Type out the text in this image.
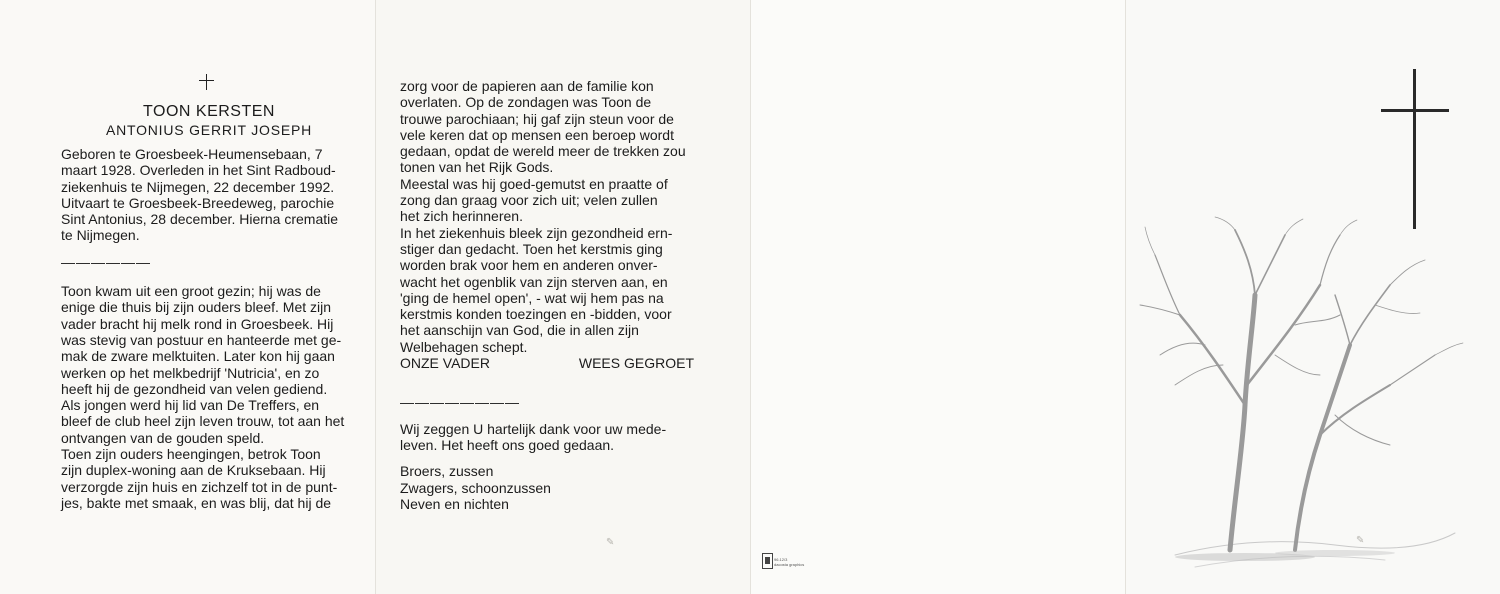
TOON KERSTEN
ANTONIUS GERRIT JOSEPH

Geboren te Groesbeek-Heumensebaan, 7

maart 1928. Overleden in het Sint Radboud-

ziekenhuis te Nijmegen, 22 december 1992.

Uitvaart te Groesbeek-Breedeweg, parochie

Sint Antonius, 28 december. Hierna crematie

te Nijmegen.

——————

Toon kwam uit een groot gezin; hij was de

enige die thuis bij zijn ouders bleef. Met zijn

vader bracht hij melk rond in Groesbeek. Hij

was stevig van postuur en hanteerde met ge-

mak de zware melktuiten. Later kon hij gaan

werken op het melkbedrijf 'Nutricia', en zo

heeft hij de gezondheid van velen gediend.

Als jongen werd hij lid van De Treffers, en

bleef de club heel zijn leven trouw, tot aan het

ontvangen van de gouden speld.

Toen zijn ouders heengingen, betrok Toon

zijn duplex-woning aan de Kruksebaan. Hij

verzorgde zijn huis en zichzelf tot in de punt-

jes, bakte met smaak, en was blij, dat hij de

zorg voor de papieren aan de familie kon

overlaten. Op de zondagen was Toon de

trouwe parochiaan; hij gaf zijn steun voor de

vele keren dat op mensen een beroep wordt

gedaan, opdat de wereld meer de trekken zou

tonen van het Rijk Gods.

Meestal was hij goed-gemutst en praatte of

zong dan graag voor zich uit; velen zullen

het zich herinneren.

In het ziekenhuis bleek zijn gezondheid ern-

stiger dan gedacht. Toen het kerstmis ging

worden brak voor hem en anderen onver-

wacht het ogenblik van zijn sterven aan, en

'ging de hemel open', - wat wij hem pas na

kerstmis konden toezingen en -bidden, voor

het aanschijn van God, die in allen zijn

Welbehagen schept.

ONZE VADER	WEES GEGROET

————————

Wij zeggen U hartelijk dank voor uw mede-

leven. Het heeft ons goed gedaan.

Broers, zussen

Zwagers, schoonzussen

Neven en nichten

✎
96.12/3
dacosta graphics
✎
